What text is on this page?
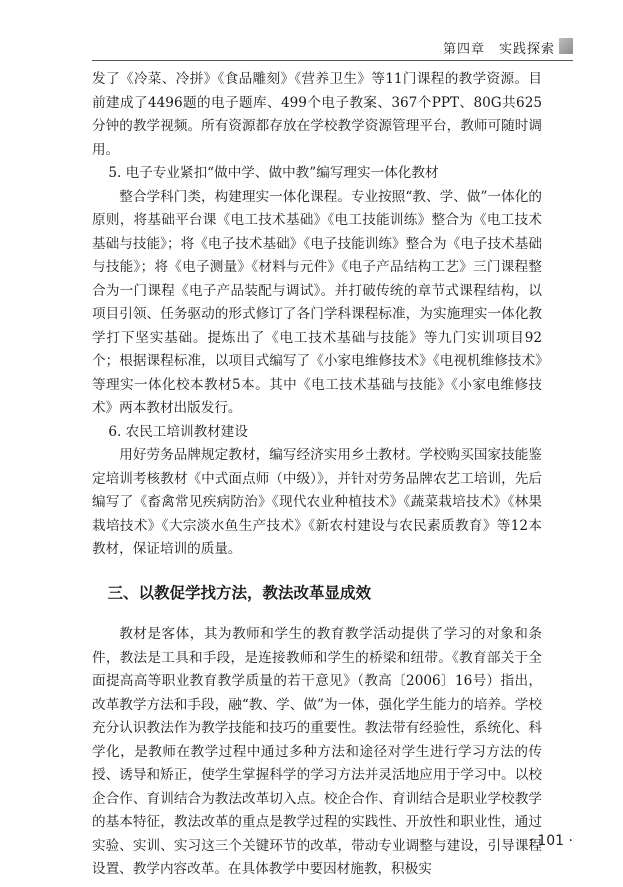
第四章　实践探索

发了《冷菜、冷拼》《食品雕刻》《营养卫生》等11门课程的教学资源。目前建成了4496题的电子题库、499个电子教案、367个PPT、80G共625分钟的教学视频。所有资源都存放在学校教学资源管理平台，教师可随时调用。

5. 电子专业紧扣“做中学、做中教”编写理实一体化教材

整合学科门类，构建理实一体化课程。专业按照“教、学、做”一体化的原则，将基础平台课《电工技术基础》《电工技能训练》整合为《电工技术基础与技能》；将《电子技术基础》《电子技能训练》整合为《电子技术基础与技能》；将《电子测量》《材料与元件》《电子产品结构工艺》三门课程整合为一门课程《电子产品装配与调试》。并打破传统的章节式课程结构，以项目引领、任务驱动的形式修订了各门学科课程标准，为实施理实一体化教学打下坚实基础。提炼出了《电工技术基础与技能》等九门实训项目92个；根据课程标准，以项目式编写了《小家电维修技术》《电视机维修技术》等理实一体化校本教材5本。其中《电工技术基础与技能》《小家电维修技术》两本教材出版发行。

6. 农民工培训教材建设

用好劳务品牌规定教材，编写经济实用乡土教材。学校购买国家技能鉴定培训考核教材《中式面点师（中级）》，并针对劳务品牌农艺工培训，先后编写了《畜禽常见疾病防治》《现代农业种植技术》《蔬菜栽培技术》《林果栽培技术》《大宗淡水鱼生产技术》《新农村建设与农民素质教育》等12本教材，保证培训的质量。

三、以教促学找方法，教法改革显成效

教材是客体，其为教师和学生的教育教学活动提供了学习的对象和条件，教法是工具和手段，是连接教师和学生的桥梁和纽带。《教育部关于全面提高高等职业教育教学质量的若干意见》（教高〔2006〕16号）指出，改革教学方法和手段，融“教、学、做”为一体，强化学生能力的培养。学校充分认识教法作为教学技能和技巧的重要性。教法带有经验性，系统化、科学化，是教师在教学过程中通过多种方法和途径对学生进行学习方法的传授、诱导和矫正，使学生掌握科学的学习方法并灵活地应用于学习中。以校企合作、育训结合为教法改革切入点。校企合作、育训结合是职业学校教学的基本特征，教法改革的重点是教学过程的实践性、开放性和职业性，通过实验、实训、实习这三个关键环节的改革，带动专业调整与建设，引导课程设置、教学内容改革。在具体教学中要因材施教，积极实

· 101 ·
